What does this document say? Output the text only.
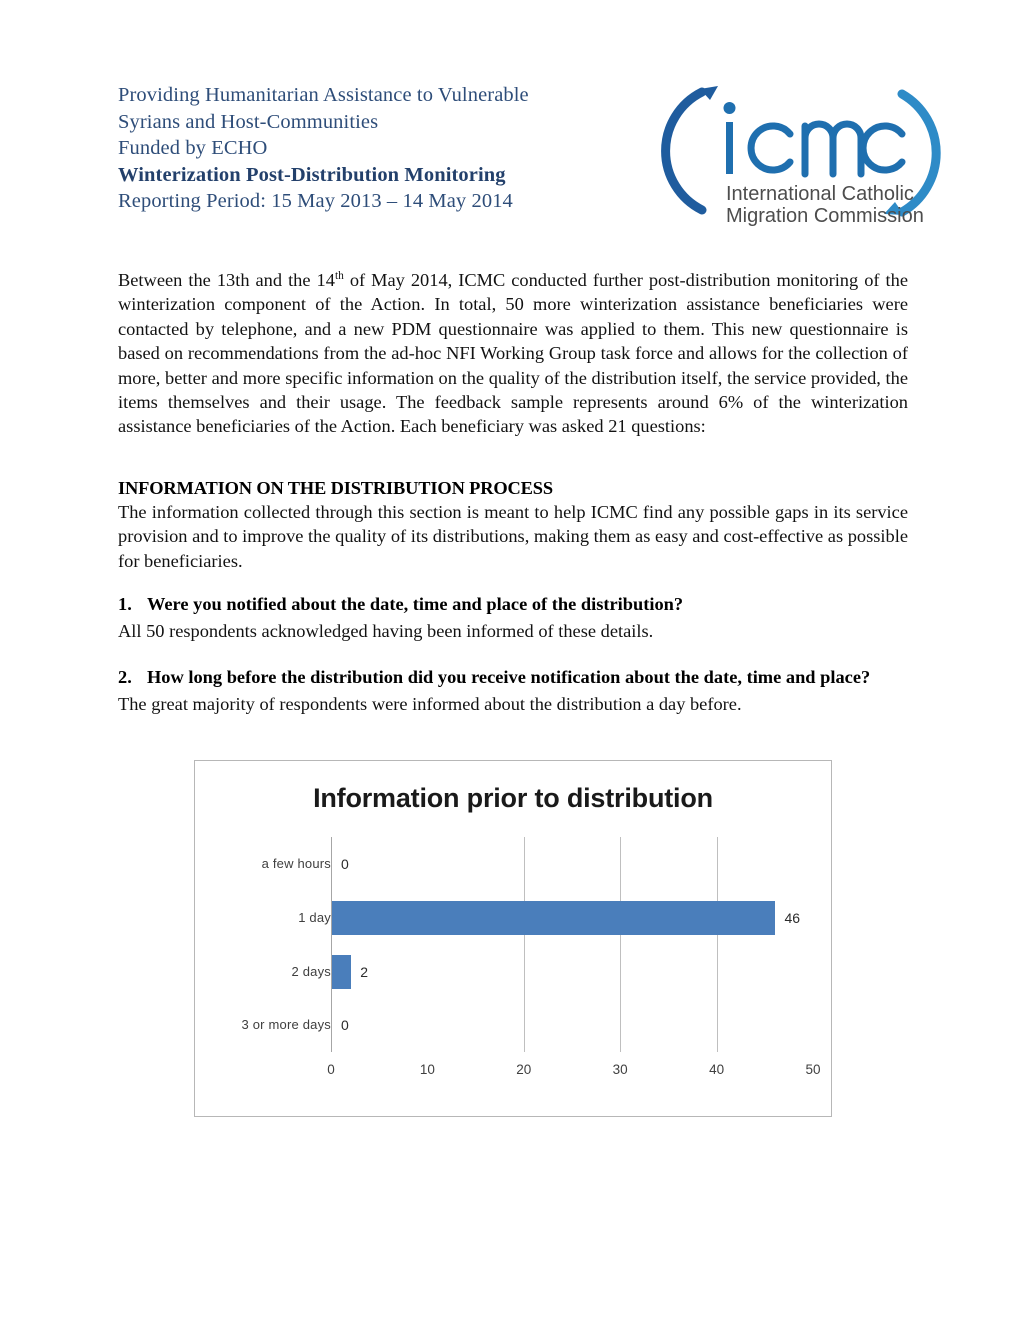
Providing Humanitarian Assistance to Vulnerable
Syrians and Host-Communities
Funded by ECHO
Winterization Post-Distribution Monitoring
Reporting Period: 15 May 2013 – 14 May 2014	International Catholic
Migration Commission
Between the 13th and the 14th of May 2014, ICMC conducted further post-distribution monitoring of the winterization component of the Action. In total, 50 more winterization assistance beneficiaries were contacted by telephone, and a new PDM questionnaire was applied to them. This new questionnaire is based on recommendations from the ad-hoc NFI Working Group task force and allows for the collection of more, better and more specific information on the quality of the distribution itself, the service provided, the items themselves and their usage. The feedback sample represents around 6% of the winterization assistance beneficiaries of the Action. Each beneficiary was asked 21 questions:
INFORMATION ON THE DISTRIBUTION PROCESS
The information collected through this section is meant to help ICMC find any possible gaps in its service provision and to improve the quality of its distributions, making them as easy and cost-effective as possible for beneficiaries.
1. Were you notified about the date, time and place of the distribution?
All 50 respondents acknowledged having been informed of these details.
2. How long before the distribution did you receive notification about the date, time and place?
The great majority of respondents were informed about the distribution a day before.
Information prior to distribution
a few hours
1 day
2 days
3 or more days
0
46
2
0
0	10	20	30	40	50
